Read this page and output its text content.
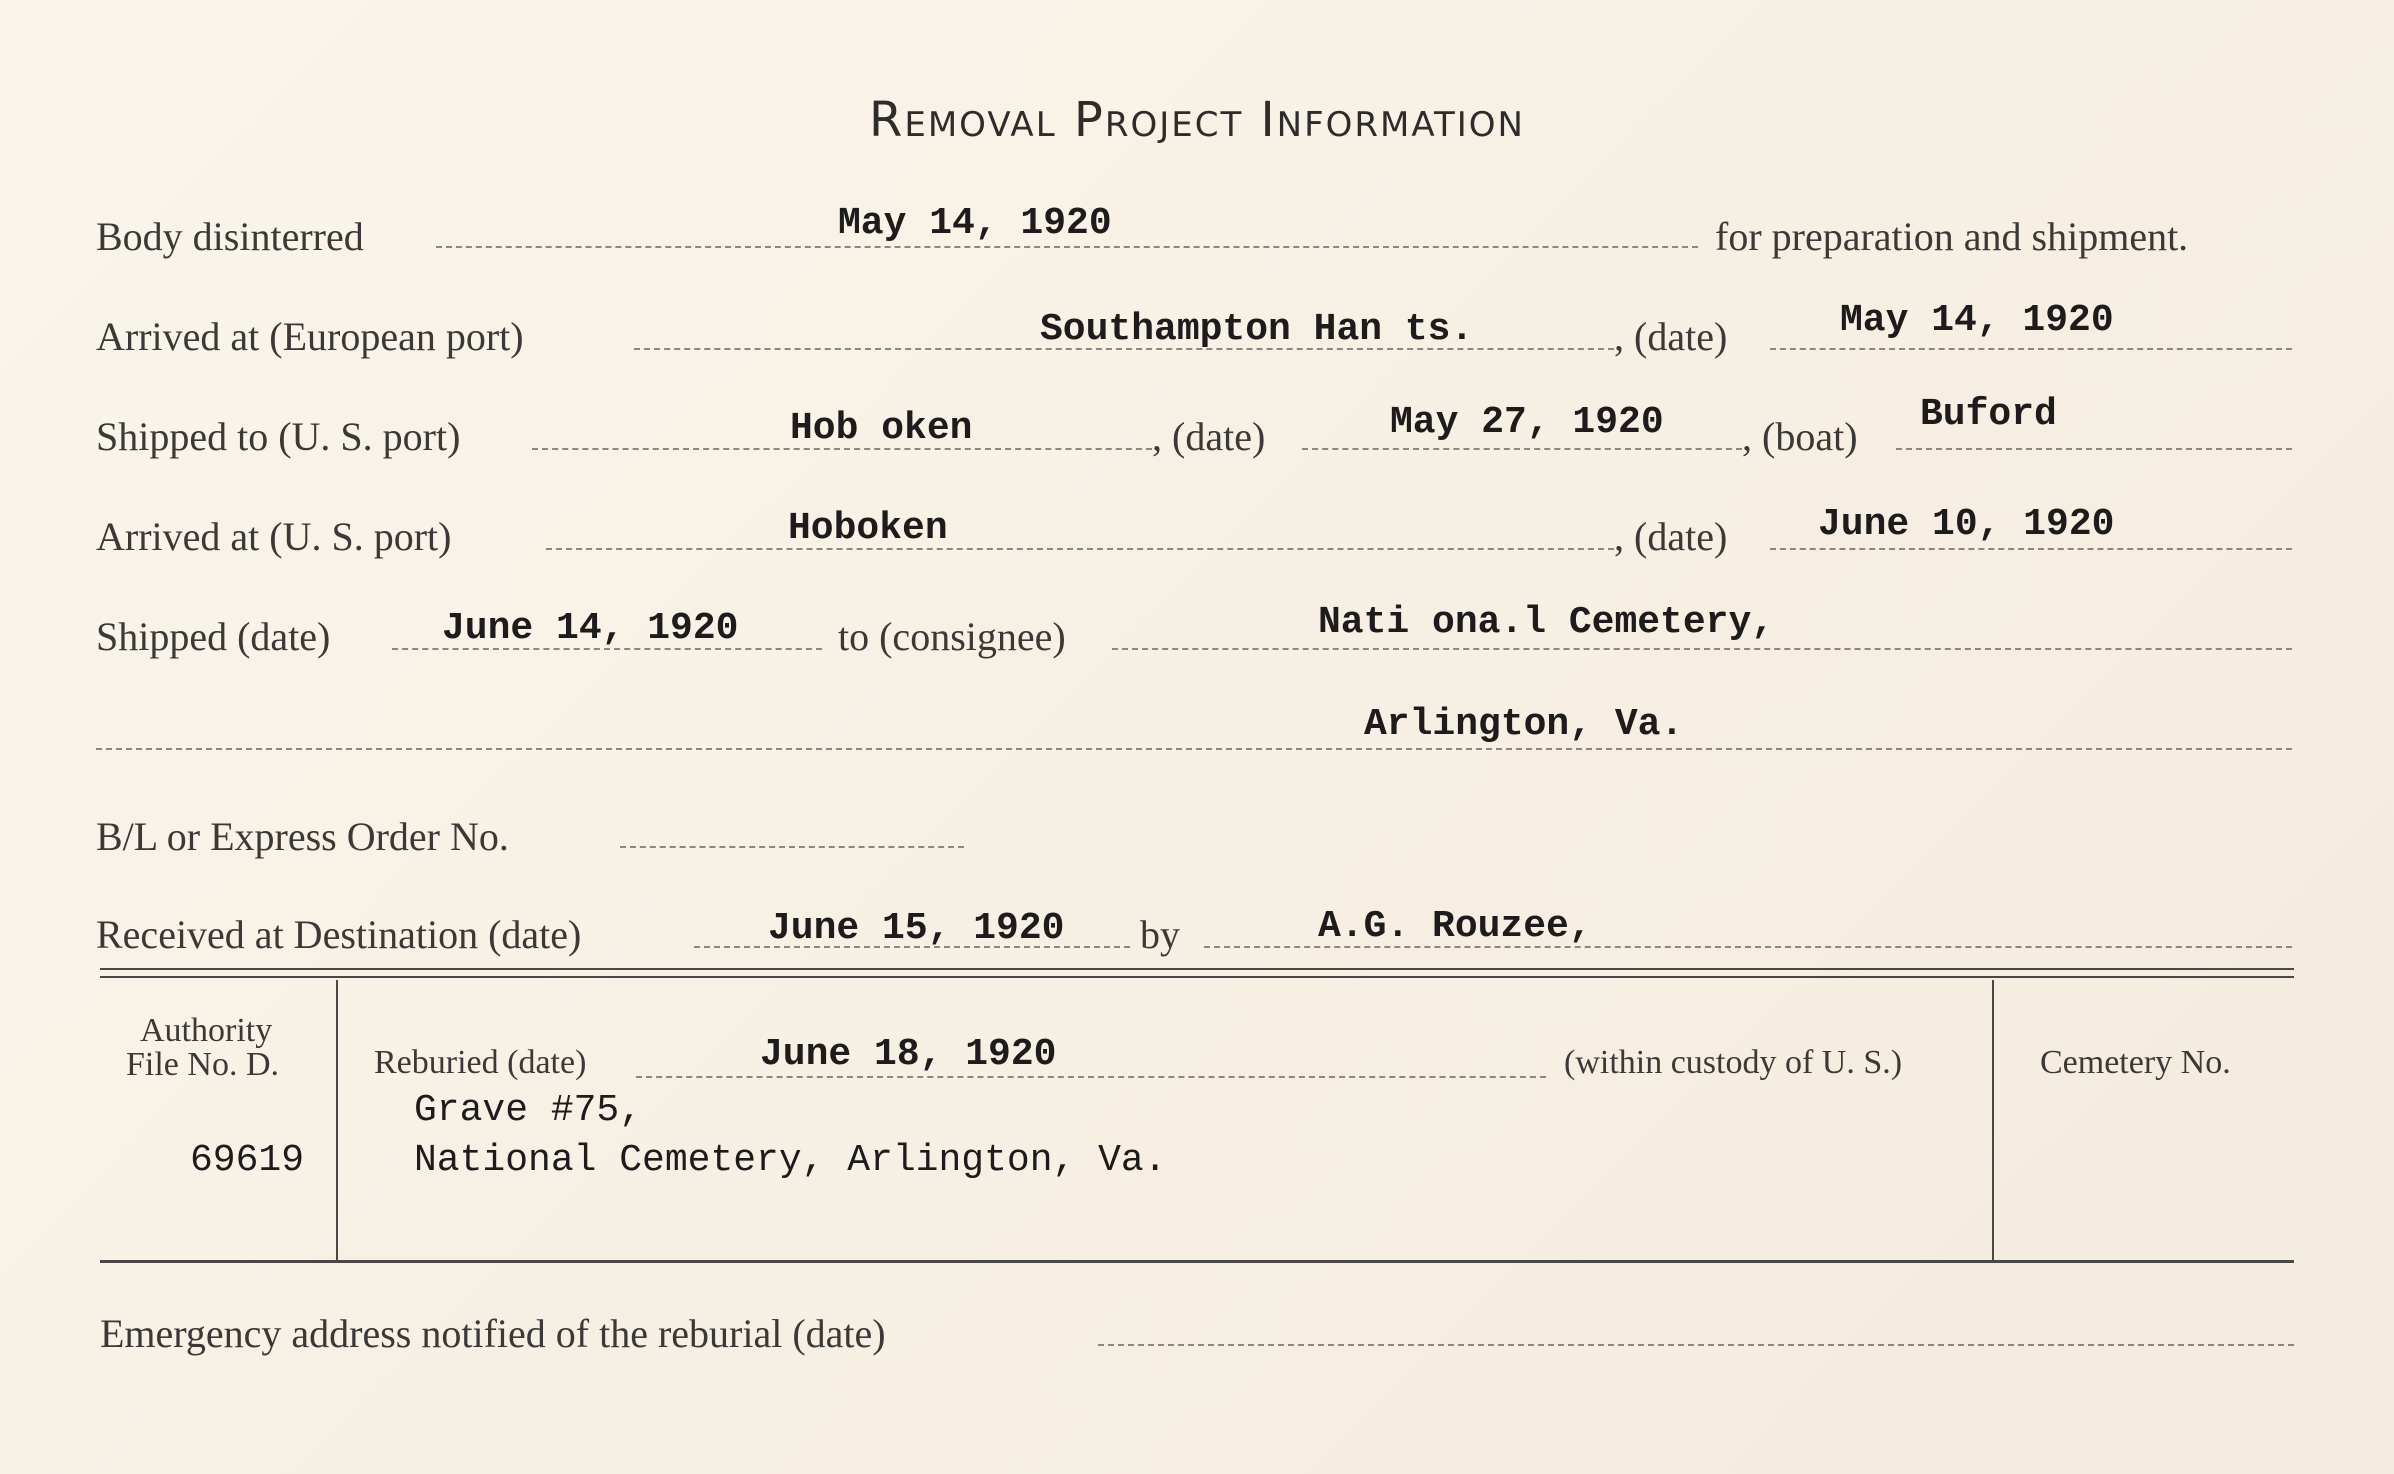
Removal Project Information
Body disinterred	May 14, 1920	for preparation and shipment.
Arrived at (European port)	Southampton Han ts.	, (date)	May 14, 1920
Shipped to (U. S. port)	Hob oken	, (date)	May 27, 1920 , (boat) Buford
Arrived at (U. S. port)	Hoboken	, (date) June 10, 1920
Shipped (date)	June 14, 1920 to (consignee)	Nati ona.l Cemetery,
Arlington, Va.
B/L or Express Order No.
Received at Destination (date)	June 15, 1920 by	A.G. Rouzee,
Authority
File No. D.
69619
Reburied (date)	June 18, 1920	(within custody of U. S.)
Grave #75,
National Cemetery, Arlington, Va.
Cemetery No.
Emergency address notified of the reburial (date)
